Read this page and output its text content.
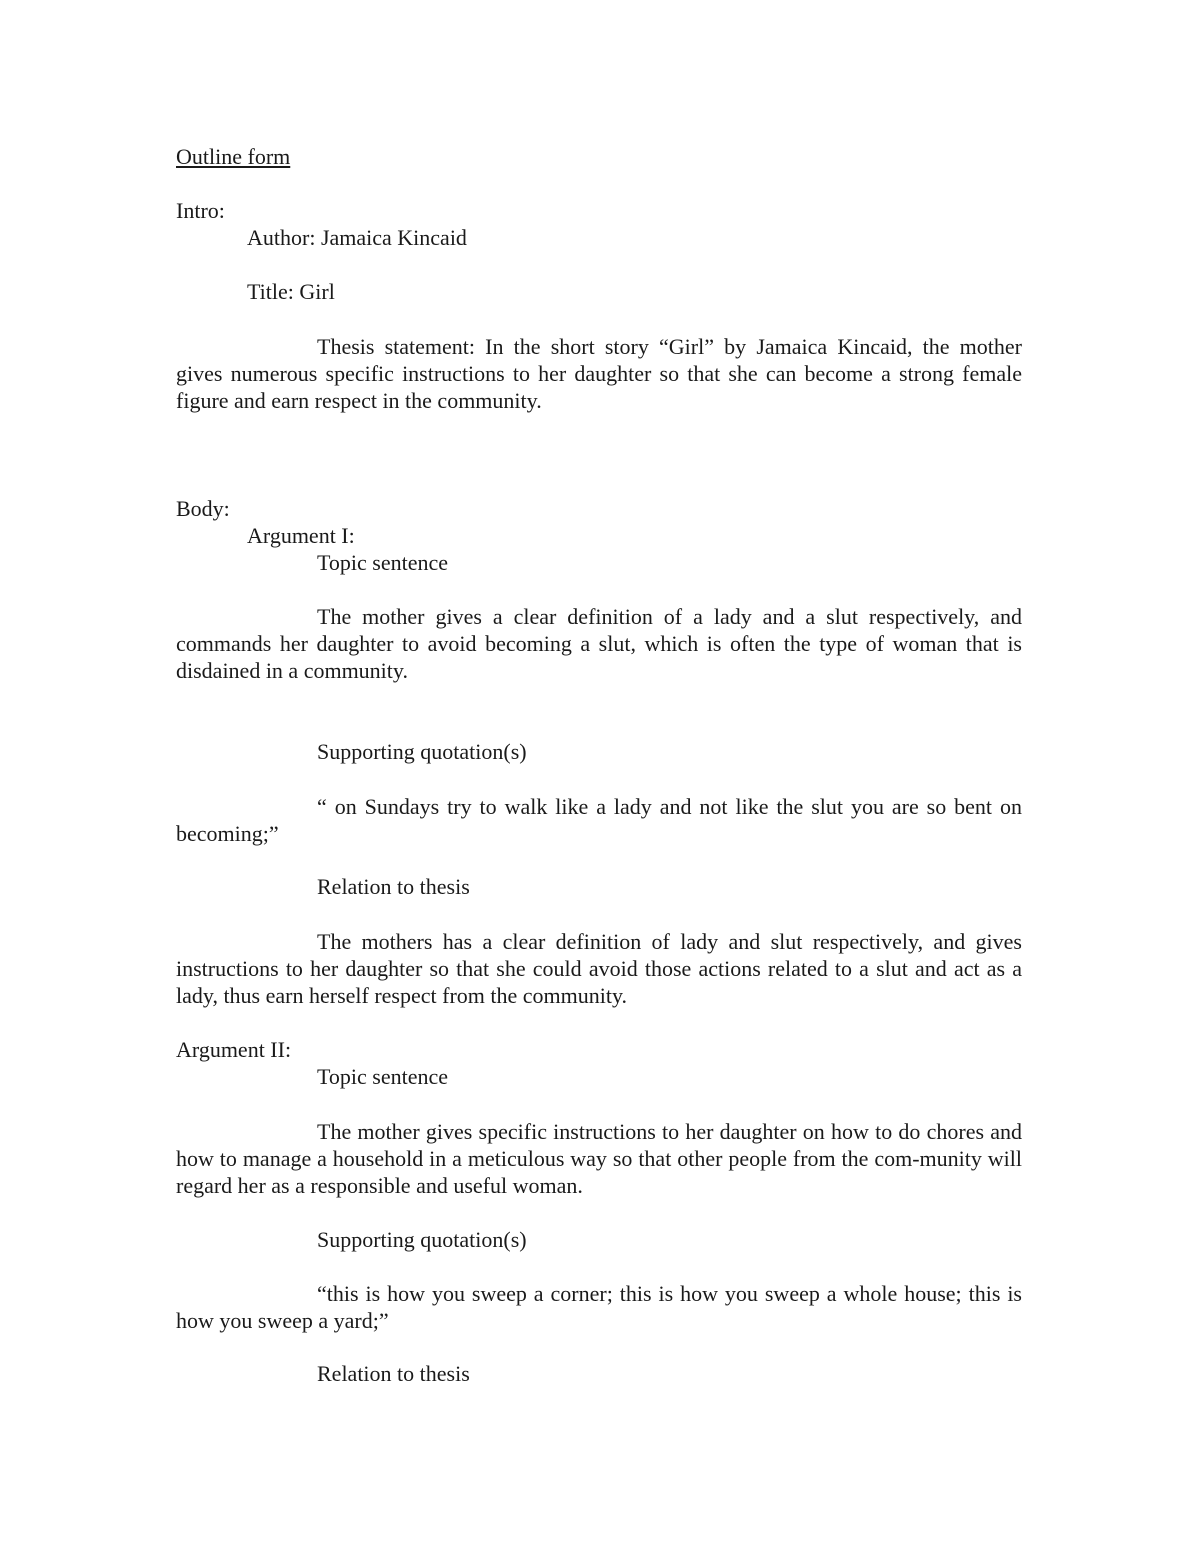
Outline form

Intro:

Author: Jamaica Kincaid

Title: Girl

Thesis statement: In the short story “Girl” by Jamaica Kincaid, the mother gives numerous specific instructions to her daughter so that she can become a strong female figure and earn respect in the community.

Body:

Argument I:

Topic sentence

The mother gives a clear definition of a lady and a slut respectively, and commands her daughter to avoid becoming a slut, which is often the type of woman that is disdained in a community.

Supporting quotation(s)

“ on Sundays try to walk like a lady and not like the slut you are so bent on becoming;”

Relation to thesis

The mothers has a clear definition of lady and slut respectively, and gives instructions to her daughter so that she could avoid those actions related to a slut and act as a lady, thus earn herself respect from the community.

Argument II:

Topic sentence

The mother gives specific instructions to her daughter on how to do chores and how to manage a household in a meticulous way so that other people from the com-munity will regard her as a responsible and useful woman.

Supporting quotation(s)

“this is how you sweep a corner; this is how you sweep a whole house; this is how you sweep a yard;”

Relation to thesis
